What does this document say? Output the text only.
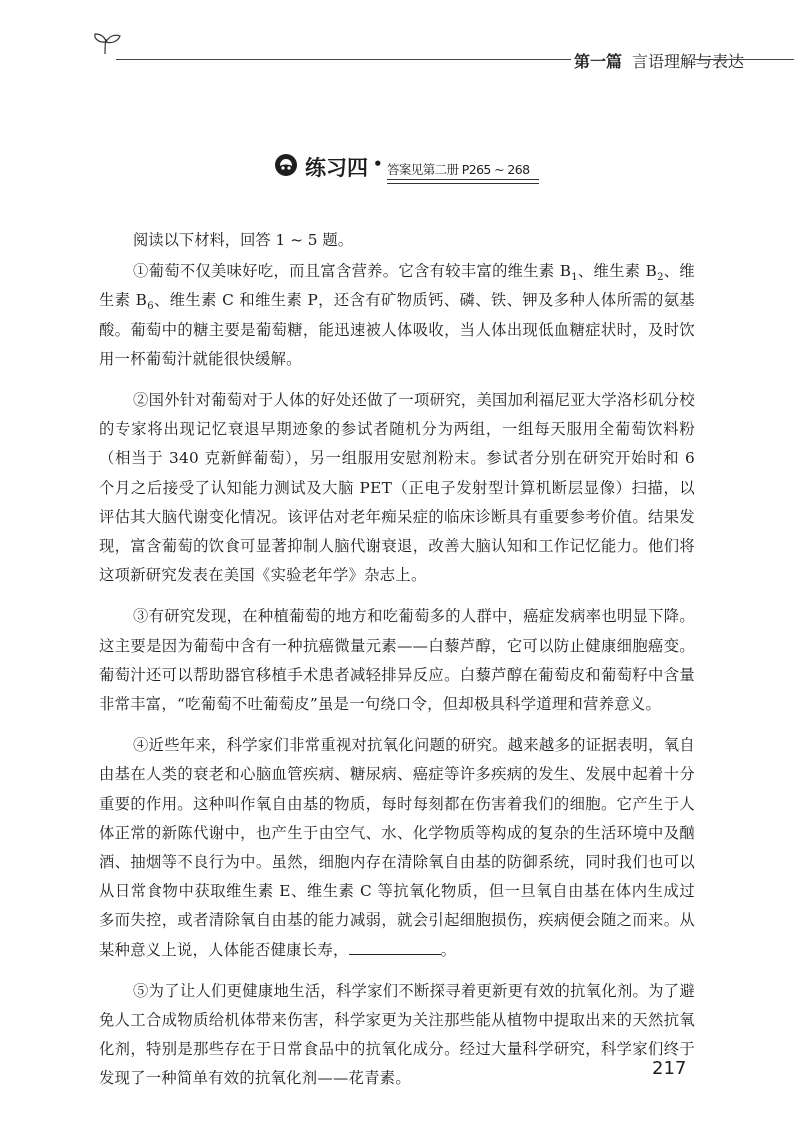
第一篇 言语理解与表达
练习四 • 答案见第二册 P265 ~ 268
阅读以下材料，回答 1 ~ 5 题。

①葡萄不仅美味好吃，而且富含营养。它含有较丰富的维生素 $B_1$、维生素 $B_2$、维生素 $B_6$、维生素 C 和维生素 P，还含有矿物质钙、磷、铁、钾及多种人体所需的氨基酸。葡萄中的糖主要是葡萄糖，能迅速被人体吸收，当人体出现低血糖症状时，及时饮用一杯葡萄汁就能很快缓解。

②国外针对葡萄对于人体的好处还做了一项研究，美国加利福尼亚大学洛杉矶分校的专家将出现记忆衰退早期迹象的参试者随机分为两组，一组每天服用全葡萄饮料粉（相当于 340 克新鲜葡萄），另一组服用安慰剂粉末。参试者分别在研究开始时和 6 个月之后接受了认知能力测试及大脑 PET（正电子发射型计算机断层显像）扫描，以评估其大脑代谢变化情况。该评估对老年痴呆症的临床诊断具有重要参考价值。结果发现，富含葡萄的饮食可显著抑制人脑代谢衰退，改善大脑认知和工作记忆能力。他们将这项新研究发表在美国《实验老年学》杂志上。

③有研究发现，在种植葡萄的地方和吃葡萄多的人群中，癌症发病率也明显下降。这主要是因为葡萄中含有一种抗癌微量元素——白藜芦醇，它可以防止健康细胞癌变。葡萄汁还可以帮助器官移植手术患者减轻排异反应。白藜芦醇在葡萄皮和葡萄籽中含量非常丰富，“吃葡萄不吐葡萄皮”虽是一句绕口令，但却极具科学道理和营养意义。

④近些年来，科学家们非常重视对抗氧化问题的研究。越来越多的证据表明，氧自由基在人类的衰老和心脑血管疾病、糖尿病、癌症等许多疾病的发生、发展中起着十分重要的作用。这种叫作氧自由基的物质，每时每刻都在伤害着我们的细胞。它产生于人体正常的新陈代谢中，也产生于由空气、水、化学物质等构成的复杂的生活环境中及酗酒、抽烟等不良行为中。虽然，细胞内存在清除氧自由基的防御系统，同时我们也可以从日常食物中获取维生素 E、维生素 C 等抗氧化物质，但一旦氧自由基在体内生成过多而失控，或者清除氧自由基的能力减弱，就会引起细胞损伤，疾病便会随之而来。从某种意义上说，人体能否健康长寿，	。

⑤为了让人们更健康地生活，科学家们不断探寻着更新更有效的抗氧化剂。为了避免人工合成物质给机体带来伤害，科学家更为关注那些能从植物中提取出来的天然抗氧化剂，特别是那些存在于日常食品中的抗氧化成分。经过大量科学研究，科学家们终于发现了一种简单有效的抗氧化剂——花青素。	217
